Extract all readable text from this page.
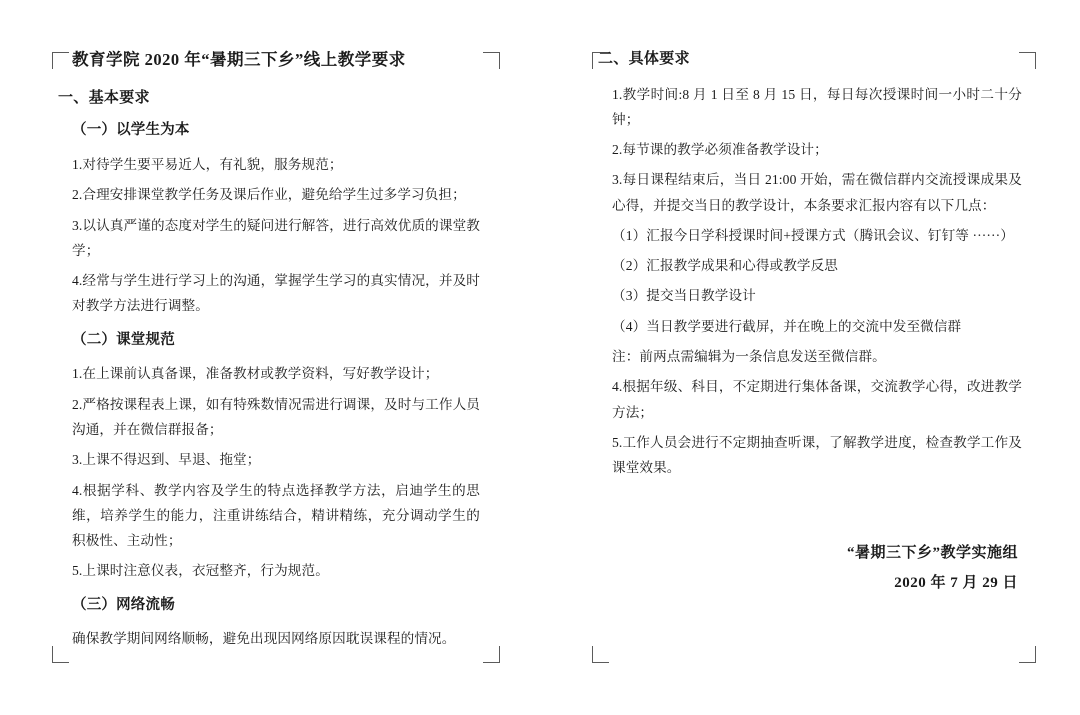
教育学院 2020 年“暑期三下乡”线上教学要求
一、基本要求
（一）以学生为本

1.对待学生要平易近人，有礼貌，服务规范；

2.合理安排课堂教学任务及课后作业，避免给学生过多学习负担；

3.以认真严谨的态度对学生的疑问进行解答，进行高效优质的课堂教学；

4.经常与学生进行学习上的沟通，掌握学生学习的真实情况，并及时对教学方法进行调整。

（二）课堂规范

1.在上课前认真备课，准备教材或教学资料，写好教学设计；

2.严格按课程表上课，如有特殊数情况需进行调课，及时与工作人员沟通，并在微信群报备；

3.上课不得迟到、早退、拖堂；

4.根据学科、教学内容及学生的特点选择教学方法，启迪学生的思维，培养学生的能力，注重讲练结合，精讲精练，充分调动学生的积极性、主动性；

5.上课时注意仪表，衣冠整齐，行为规范。

（三）网络流畅

确保教学期间网络顺畅，避免出现因网络原因耽误课程的情况。

二、具体要求

1.教学时间:8 月 1 日至 8 月 15 日，每日每次授课时间一小时二十分钟；

2.每节课的教学必须准备教学设计；

3.每日课程结束后，当日 21:00 开始，需在微信群内交流授课成果及心得，并提交当日的教学设计，本条要求汇报内容有以下几点：

（1）汇报今日学科授课时间+授课方式（腾讯会议、钉钉等 ······）

（2）汇报教学成果和心得或教学反思

（3）提交当日教学设计

（4）当日教学要进行截屏，并在晚上的交流中发至微信群

注：前两点需编辑为一条信息发送至微信群。

4.根据年级、科目，不定期进行集体备课，交流教学心得，改进教学方法；

5.工作人员会进行不定期抽查听课，了解教学进度，检查教学工作及课堂效果。

“暑期三下乡”教学实施组
2020 年 7 月 29 日
